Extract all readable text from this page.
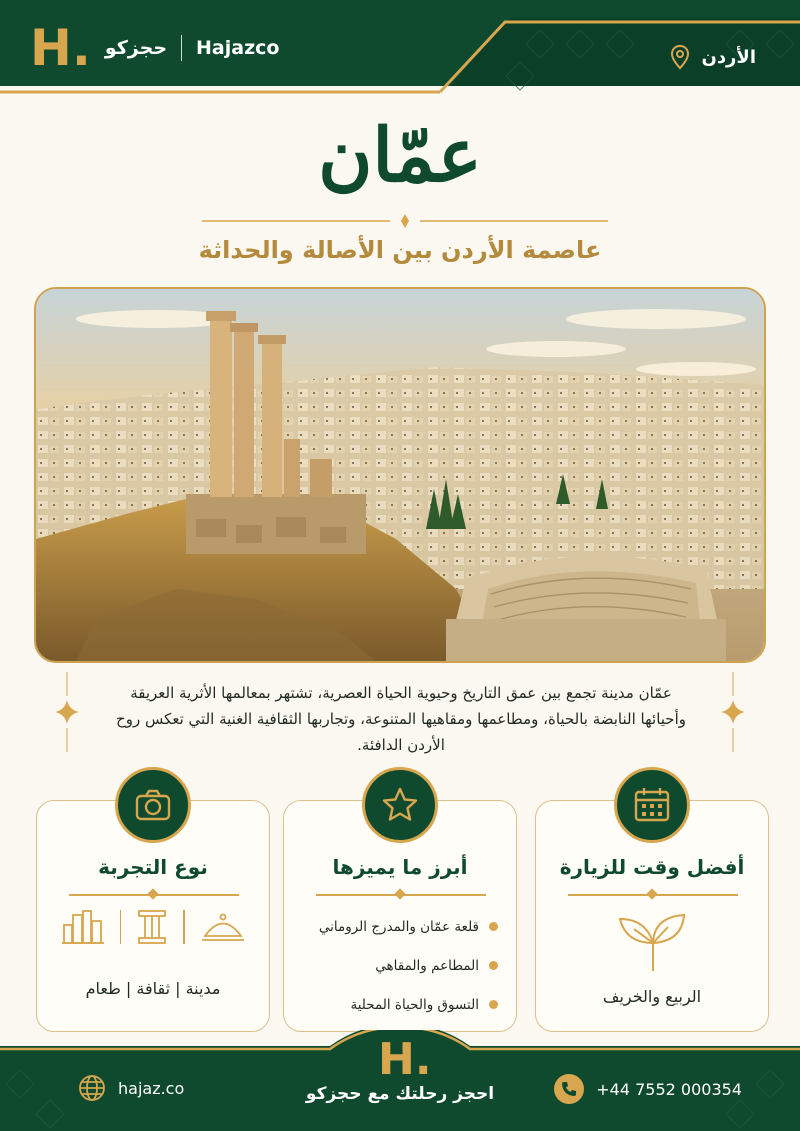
H. حجزكو Hajazco	الأردن
عمّان
عاصمة الأردن بين الأصالة والحداثة
عمّان مدينة تجمع بين عمق التاريخ وحيوية الحياة العصرية، تشتهر بمعالمها الأثرية العريقة وأحيائها النابضة بالحياة، ومطاعمها ومقاهيها المتنوعة، وتجاربها الثقافية الغنية التي تعكس روح الأردن الدافئة.
نوع التجربة
مدينة | ثقافة | طعام
أبرز ما يميزها
قلعة عمّان والمدرج الروماني
المطاعم والمقاهي
التسوق والحياة المحلية
أفضل وقت للزيارة
الربيع والخريف
H.
hajaz.co	احجز رحلتك مع حجزكو	+44 7552 000354
